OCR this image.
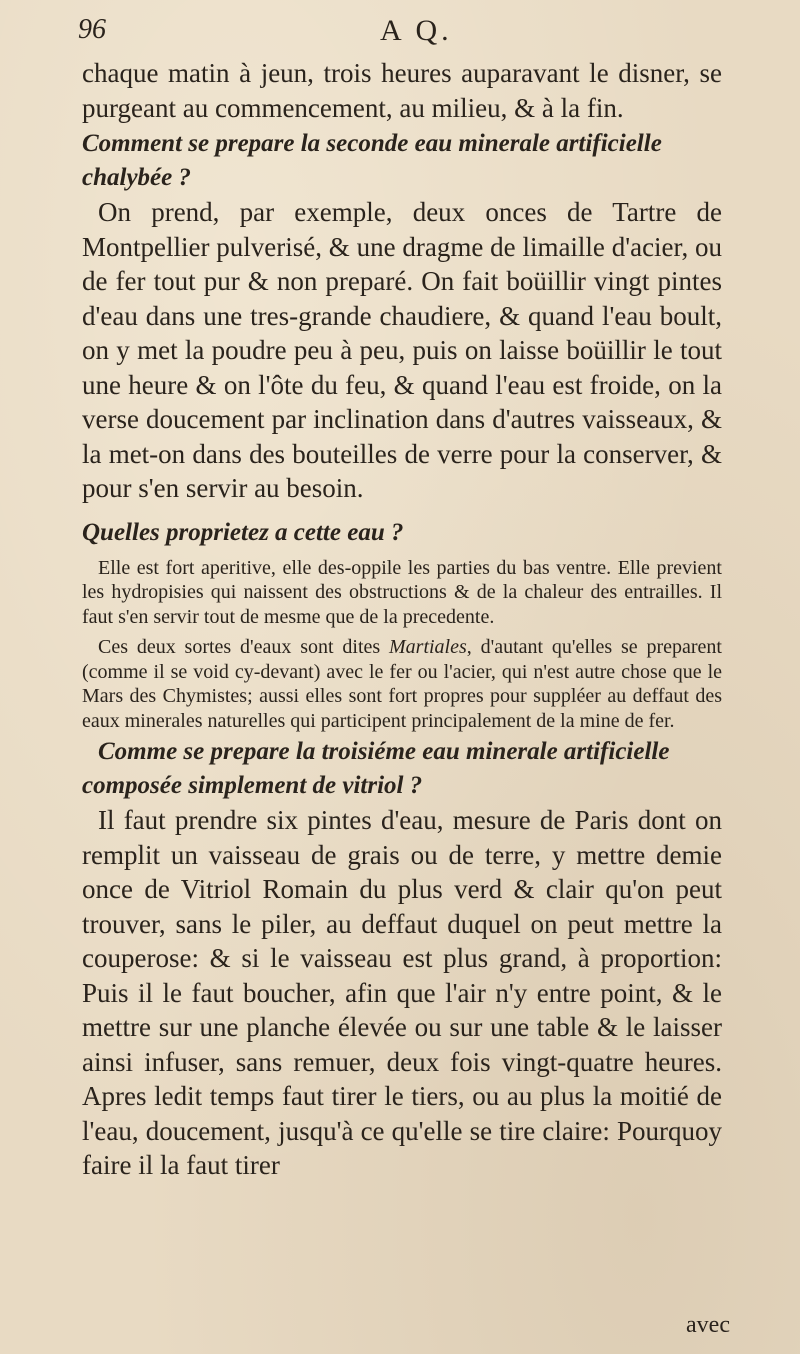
96	A Q.

chaque matin à jeun, trois heures auparavant le disner, se purgeant au commencement, au milieu, & à la fin.

Comment se prepare la seconde eau minerale artificielle chalybée ?

On prend, par exemple, deux onces de Tartre de Montpellier pulverisé, & une dragme de limaille d'acier, ou de fer tout pur & non preparé. On fait boüillir vingt pintes d'eau dans une tres-grande chaudiere, & quand l'eau boult, on y met la poudre peu à peu, puis on laisse boüillir le tout une heure & on l'ôte du feu, & quand l'eau est froide, on la verse doucement par inclination dans d'autres vaisseaux, & la met-on dans des bouteilles de verre pour la conserver, & pour s'en servir au besoin.

Quelles proprietez a cette eau ?

Elle est fort aperitive, elle des-oppile les parties du bas ventre. Elle previent les hydropisies qui naissent des obstructions & de la chaleur des entrailles. Il faut s'en servir tout de mesme que de la precedente.

Ces deux sortes d'eaux sont dites Martiales, d'autant qu'elles se preparent (comme il se void cy-devant) avec le fer ou l'acier, qui n'est autre chose que le Mars des Chymistes; aussi elles sont fort propres pour suppléer au deffaut des eaux minerales naturelles qui participent principalement de la mine de fer.

Comme se prepare la troisiéme eau minerale artificielle composée simplement de vitriol ?

Il faut prendre six pintes d'eau, mesure de Paris dont on remplit un vaisseau de grais ou de terre, y mettre demie once de Vitriol Romain du plus verd & clair qu'on peut trouver, sans le piler, au deffaut duquel on peut mettre la couperose: & si le vaisseau est plus grand, à proportion: Puis il le faut boucher, afin que l'air n'y entre point, & le mettre sur une planche élevée ou sur une table & le laisser ainsi infuser, sans remuer, deux fois vingt-quatre heures. Apres ledit temps faut tirer le tiers, ou au plus la moitié de l'eau, doucement, jusqu'à ce qu'elle se tire claire: Pourquoy faire il la faut tirer

avec
